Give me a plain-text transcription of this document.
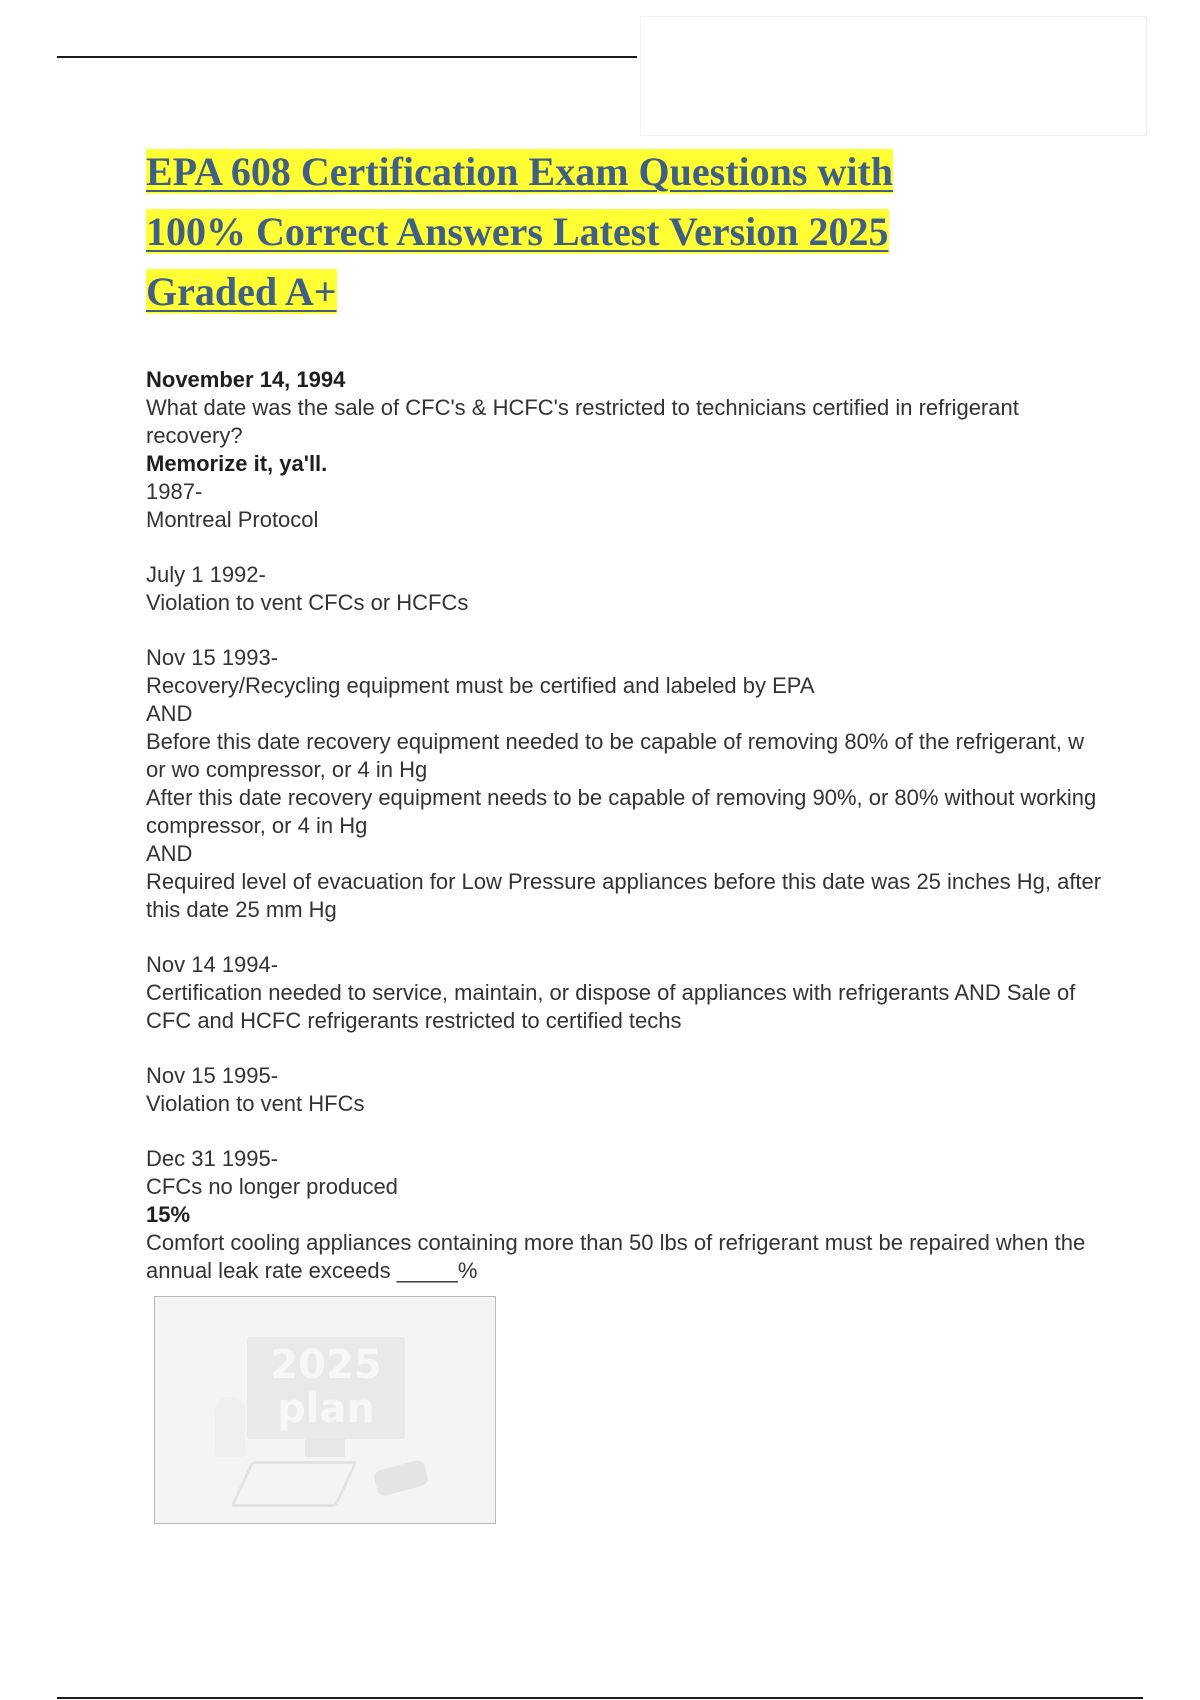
EPA 608 Certification Exam Questions with
100% Correct Answers Latest Version 2025
Graded A+

November 14, 1994

What date was the sale of CFC's & HCFC's restricted to technicians certified in refrigerant recovery?

Memorize it, ya'll.

1987-

Montreal Protocol

July 1 1992-

Violation to vent CFCs or HCFCs

Nov 15 1993-

Recovery/Recycling equipment must be certified and labeled by EPA

AND

Before this date recovery equipment needed to be capable of removing 80% of the refrigerant, w or wo compressor, or 4 in Hg

After this date recovery equipment needs to be capable of removing 90%, or 80% without working compressor, or 4 in Hg

AND

Required level of evacuation for Low Pressure appliances before this date was 25 inches Hg, after this date 25 mm Hg

Nov 14 1994-

Certification needed to service, maintain, or dispose of appliances with refrigerants AND Sale of CFC and HCFC refrigerants restricted to certified techs

Nov 15 1995-

Violation to vent HFCs

Dec 31 1995-

CFCs no longer produced

15%

Comfort cooling appliances containing more than 50 lbs of refrigerant must be repaired when the annual leak rate exceeds _____%

2025
plan
